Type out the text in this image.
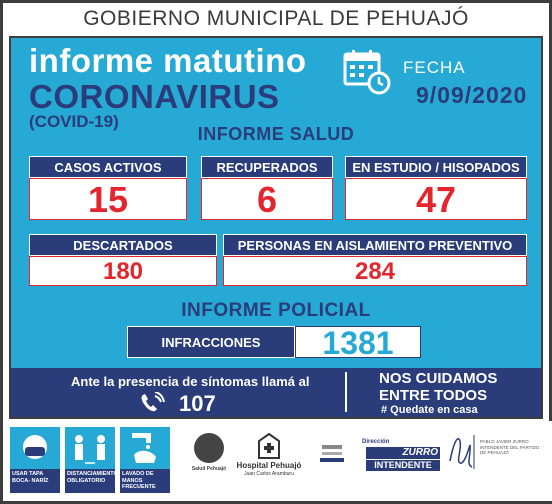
GOBIERNO MUNICIPAL DE PEHUAJÓ
informe matutino
CORONAVIRUS
(COVID-19)
FECHA
9/09/2020
INFORME SALUD
CASOS ACTIVOS
15
RECUPERADOS
6
EN ESTUDIO / HISOPADOS
47
DESCARTADOS
180
PERSONAS EN AISLAMIENTO PREVENTIVO
284
INFORME POLICIAL
INFRACCIONES	1381
Ante la presencia de síntomas llamá al
107
NOS CUIDAMOS
ENTRE TODOS
# Quedate en casa
USAR TAPA BOCA- NARÍZ
DISTANCIAMIENTO OBLIGATORIO
LAVADO DE MANOS FRECUENTE
Salud Pehuajó	Hospital Pehuajó
Juan Carlos Aramburu
Dirección
ZURRO
INTENDENTE
PABLO JAVIER ZURRO INTENDENTE DEL PARTIDO DE PEHUAJÓ
